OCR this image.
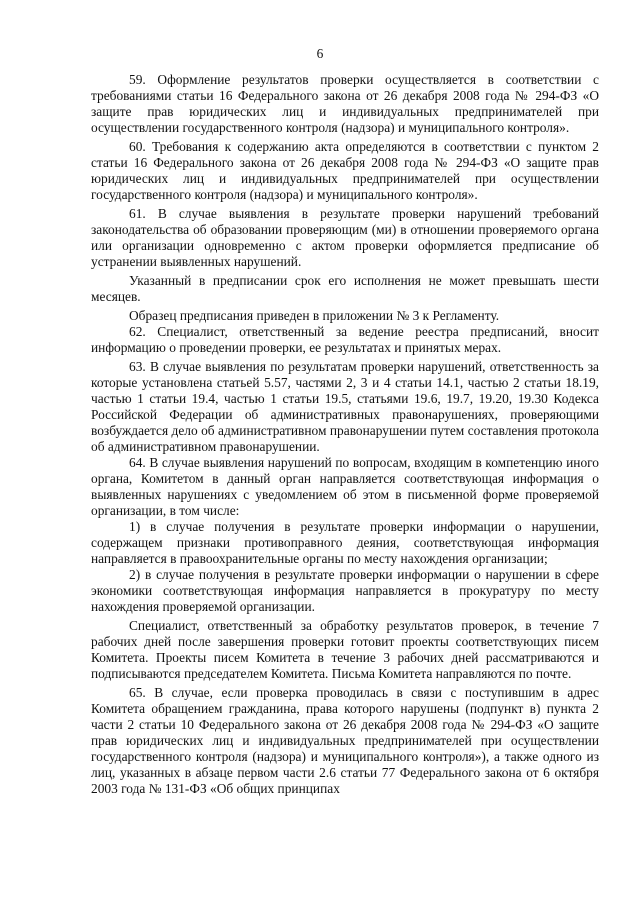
6

59. Оформление результатов проверки осуществляется в соответствии с требованиями статьи 16 Федерального закона от 26 декабря 2008 года № 294-ФЗ «О защите прав юридических лиц и индивидуальных предпринимателей при осуществлении государственного контроля (надзора) и муниципального контроля».

60. Требования к содержанию акта определяются в соответствии с пунктом 2 статьи 16 Федерального закона от 26 декабря 2008 года № 294-ФЗ «О защите прав юридических лиц и индивидуальных предпринимателей при осуществлении государственного контроля (надзора) и муниципального контроля».

61. В случае выявления в результате проверки нарушений требований законодательства об образовании проверяющим (ми) в отношении проверяемого органа или организации одновременно с актом проверки оформляется предписание об устранении выявленных нарушений.

Указанный в предписании срок его исполнения не может превышать шести месяцев.

Образец предписания приведен в приложении № 3 к Регламенту.

62. Специалист, ответственный за ведение реестра предписаний, вносит информацию о проведении проверки, ее результатах и принятых мерах.

63. В случае выявления по результатам проверки нарушений, ответственность за которые установлена статьей 5.57, частями 2, 3 и 4 статьи 14.1, частью 2 статьи 18.19, частью 1 статьи 19.4, частью 1 статьи 19.5, статьями 19.6, 19.7, 19.20, 19.30 Кодекса Российской Федерации об административных правонарушениях, проверяющими возбуждается дело об административном правонарушении путем составления протокола об административном правонарушении.

64. В случае выявления нарушений по вопросам, входящим в компетенцию иного органа, Комитетом в данный орган направляется соответствующая информация о выявленных нарушениях с уведомлением об этом в письменной форме проверяемой организации, в том числе:

1) в случае получения в результате проверки информации о нарушении, содержащем признаки противоправного деяния, соответствующая информация направляется в правоохранительные органы по месту нахождения организации;

2) в случае получения в результате проверки информации о нарушении в сфере экономики соответствующая информация направляется в прокуратуру по месту нахождения проверяемой организации.

Специалист, ответственный за обработку результатов проверок, в течение 7 рабочих дней после завершения проверки готовит проекты соответствующих писем Комитета. Проекты писем Комитета в течение 3 рабочих дней рассматриваются и подписываются председателем Комитета. Письма Комитета направляются по почте.

65. В случае, если проверка проводилась в связи с поступившим в адрес Комитета обращением гражданина, права которого нарушены (подпункт в) пункта 2 части 2 статьи 10 Федерального закона от 26 декабря 2008 года № 294-ФЗ «О защите прав юридических лиц и индивидуальных предпринимателей при осуществлении государственного контроля (надзора) и муниципального контроля»), а также одного из лиц, указанных в абзаце первом части 2.6 статьи 77 Федерального закона от 6 октября 2003 года № 131-ФЗ «Об общих принципах
